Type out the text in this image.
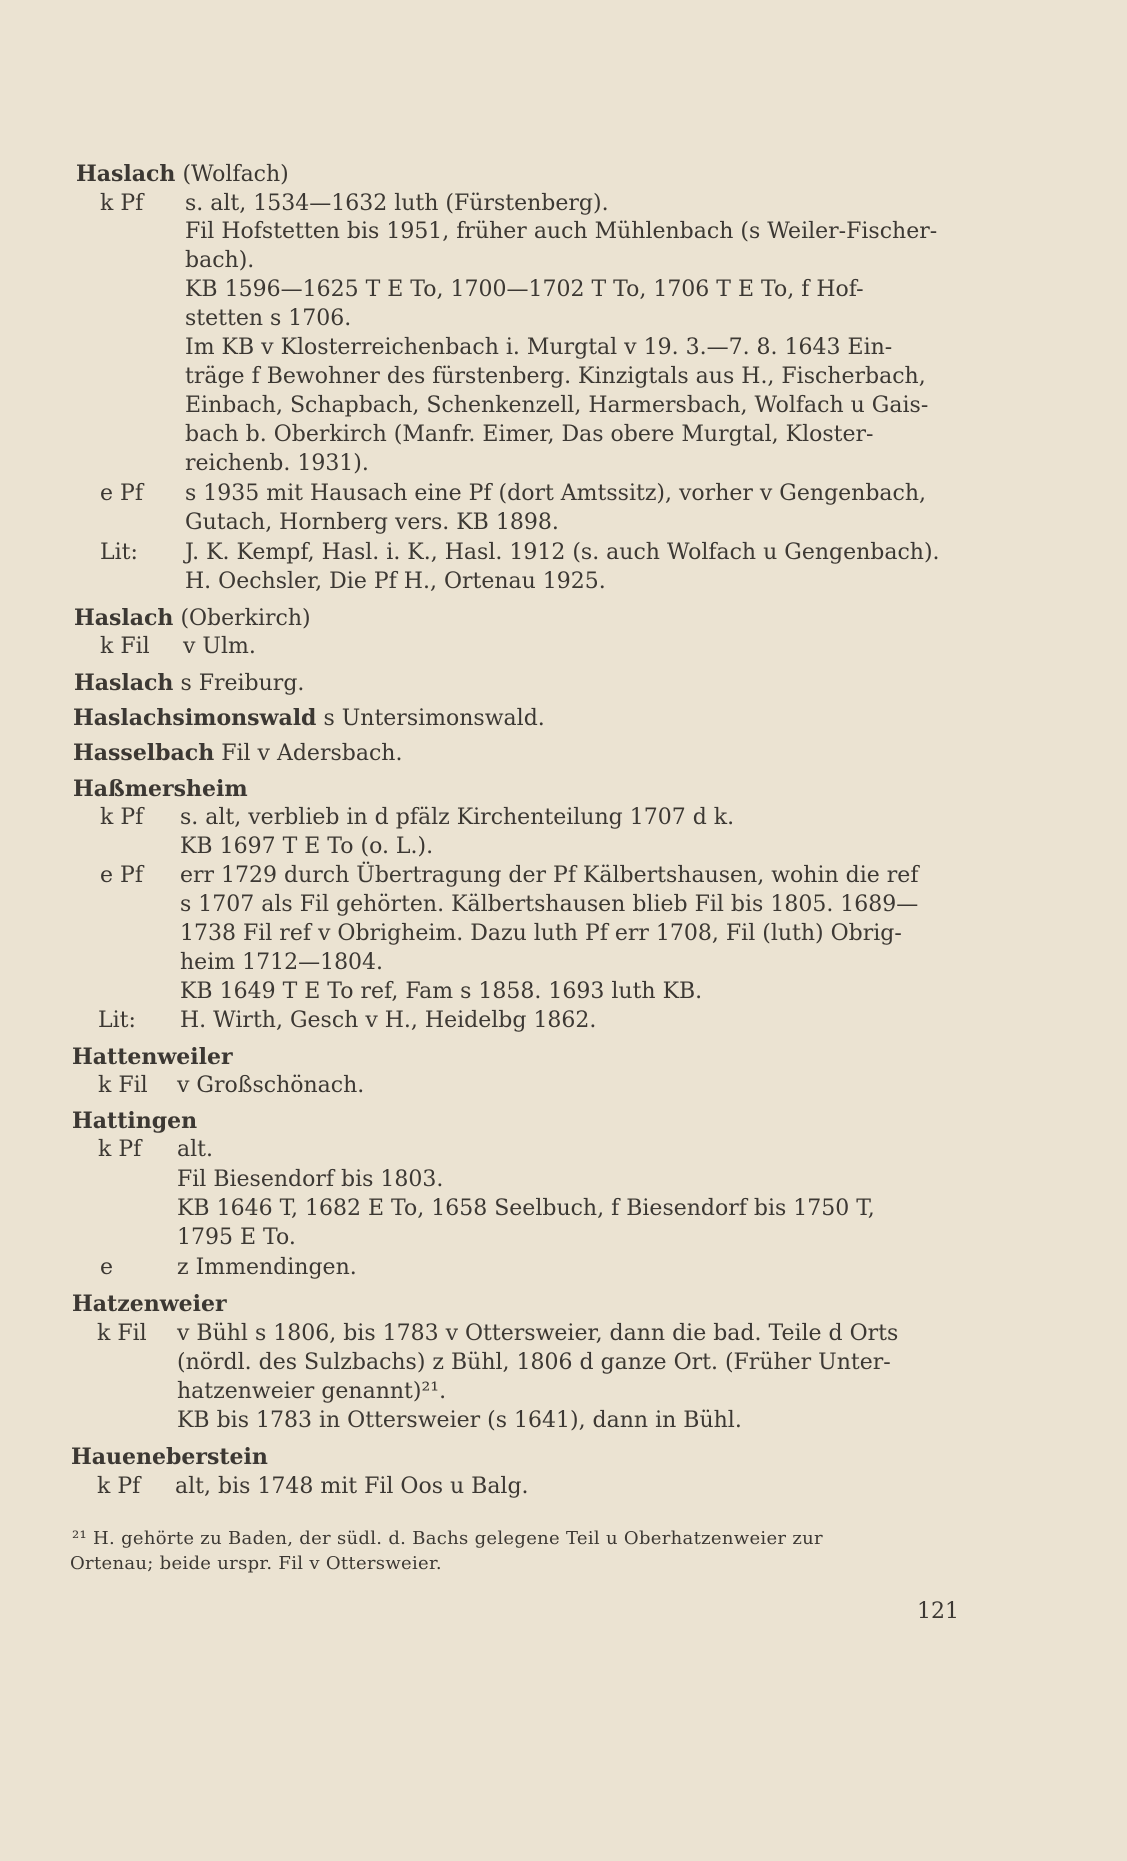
Haslach (Wolfach)
k Pf s. alt, 1534—1632 luth (Fürstenberg).
Fil Hofstetten bis 1951, früher auch Mühlenbach (s Weiler-Fischer-
bach).
KB 1596—1625 T E To, 1700—1702 T To, 1706 T E To, f Hof-
stetten s 1706.
Im KB v Klosterreichenbach i. Murgtal v 19. 3.—7. 8. 1643 Ein-
träge f Bewohner des fürstenberg. Kinzigtals aus H., Fischerbach,
Einbach, Schapbach, Schenkenzell, Harmersbach, Wolfach u Gais-
bach b. Oberkirch (Manfr. Eimer, Das obere Murgtal, Kloster-
reichenb. 1931).
e Pf s 1935 mit Hausach eine Pf (dort Amtssitz), vorher v Gengenbach,
Gutach, Hornberg vers. KB 1898.
Lit: J. K. Kempf, Hasl. i. K., Hasl. 1912 (s. auch Wolfach u Gengenbach).
H. Oechsler, Die Pf H., Ortenau 1925.
Haslach (Oberkirch)
k Fil v Ulm.
Haslach s Freiburg.
Haslachsimonswald s Untersimonswald.
Hasselbach Fil v Adersbach.
Haßmersheim
k Pf s. alt, verblieb in d pfälz Kirchenteilung 1707 d k.
KB 1697 T E To (o. L.).
e Pf err 1729 durch Übertragung der Pf Kälbertshausen, wohin die ref
s 1707 als Fil gehörten. Kälbertshausen blieb Fil bis 1805. 1689—
1738 Fil ref v Obrigheim. Dazu luth Pf err 1708, Fil (luth) Obrig-
heim 1712—1804.
KB 1649 T E To ref, Fam s 1858. 1693 luth KB.
Lit: H. Wirth, Gesch v H., Heidelbg 1862.
Hattenweiler
k Fil v Großschönach.
Hattingen
k Pf alt.
Fil Biesendorf bis 1803.
KB 1646 T, 1682 E To, 1658 Seelbuch, f Biesendorf bis 1750 T,
1795 E To.
e	z Immendingen.
Hatzenweier
k Fil v Bühl s 1806, bis 1783 v Ottersweier, dann die bad. Teile d Orts
(nördl. des Sulzbachs) z Bühl, 1806 d ganze Ort. (Früher Unter-
hatzenweier genannt)²¹.
KB bis 1783 in Ottersweier (s 1641), dann in Bühl.
Haueneberstein
k Pf alt, bis 1748 mit Fil Oos u Balg.
²¹ H. gehörte zu Baden, der südl. d. Bachs gelegene Teil u Oberhatzenweier zur
Ortenau; beide urspr. Fil v Ottersweier.
121
